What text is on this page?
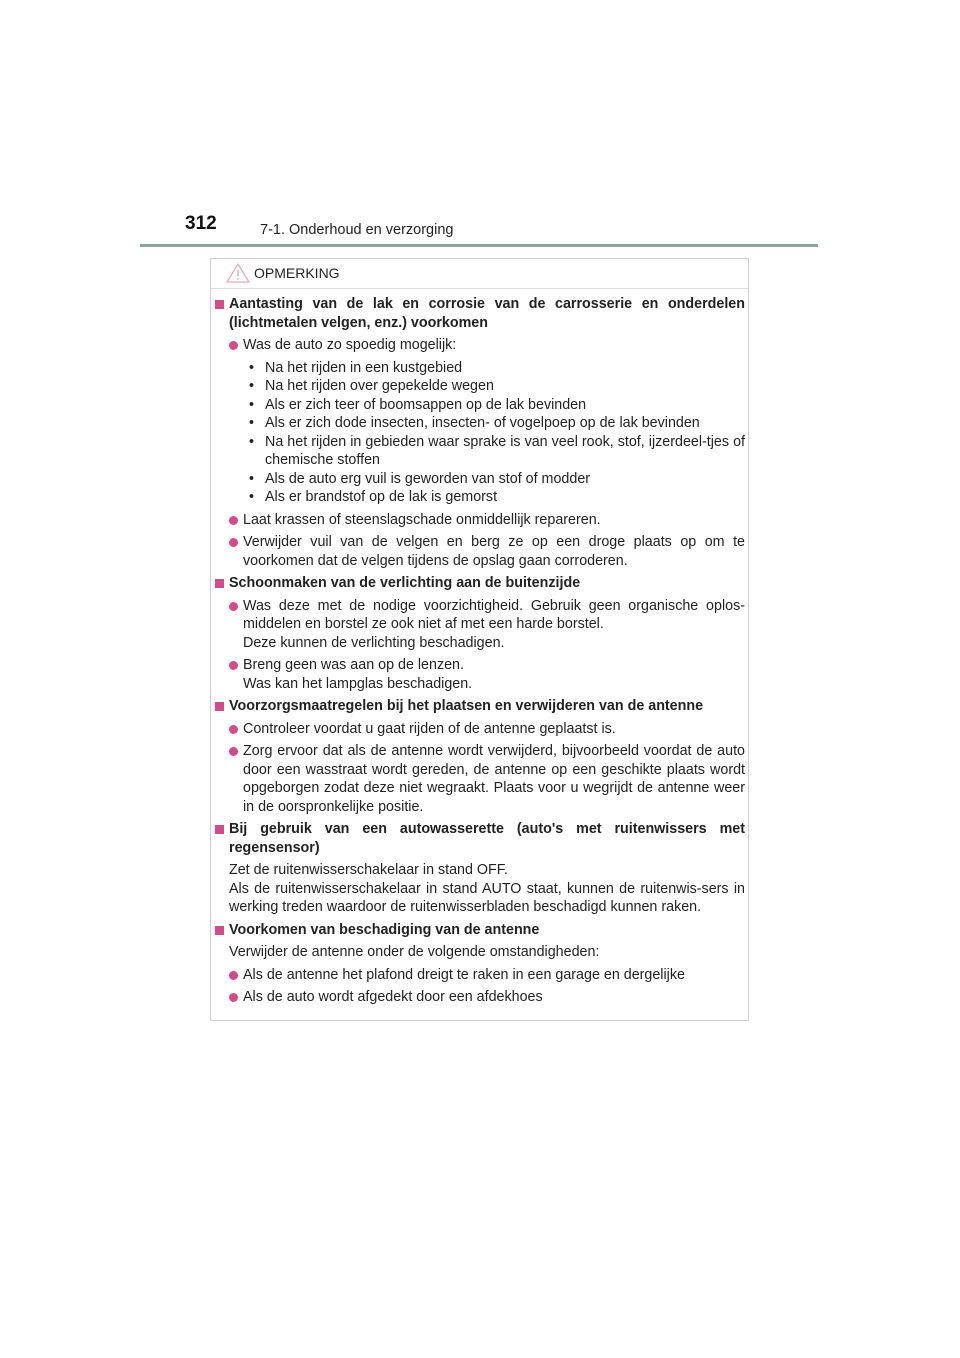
312	7-1. Onderhoud en verzorging
OPMERKING
Aantasting van de lak en corrosie van de carrosserie en onderdelen (lichtmetalen velgen, enz.) voorkomen
Was de auto zo spoedig mogelijk:
• Na het rijden in een kustgebied
• Na het rijden over gepekelde wegen
• Als er zich teer of boomsappen op de lak bevinden
• Als er zich dode insecten, insecten- of vogelpoep op de lak bevinden
• Na het rijden in gebieden waar sprake is van veel rook, stof, ijzerdeel-tjes of chemische stoffen
• Als de auto erg vuil is geworden van stof of modder
• Als er brandstof op de lak is gemorst
Laat krassen of steenslagschade onmiddellijk repareren.
Verwijder vuil van de velgen en berg ze op een droge plaats op om te voorkomen dat de velgen tijdens de opslag gaan corroderen.
Schoonmaken van de verlichting aan de buitenzijde
Was deze met de nodige voorzichtigheid. Gebruik geen organische oplos-middelen en borstel ze ook niet af met een harde borstel.
Deze kunnen de verlichting beschadigen.
Breng geen was aan op de lenzen.
Was kan het lampglas beschadigen.
Voorzorgsmaatregelen bij het plaatsen en verwijderen van de antenne
Controleer voordat u gaat rijden of de antenne geplaatst is.
Zorg ervoor dat als de antenne wordt verwijderd, bijvoorbeeld voordat de auto door een wasstraat wordt gereden, de antenne op een geschikte plaats wordt opgeborgen zodat deze niet wegraakt. Plaats voor u wegrijdt de antenne weer in de oorspronkelijke positie.
Bij gebruik van een autowasserette (auto's met ruitenwissers met regensensor)
Zet de ruitenwisserschakelaar in stand OFF.
Als de ruitenwisserschakelaar in stand AUTO staat, kunnen de ruitenwis-sers in werking treden waardoor de ruitenwisserbladen beschadigd kunnen raken.
Voorkomen van beschadiging van de antenne
Verwijder de antenne onder de volgende omstandigheden:
Als de antenne het plafond dreigt te raken in een garage en dergelijke
Als de auto wordt afgedekt door een afdekhoes
